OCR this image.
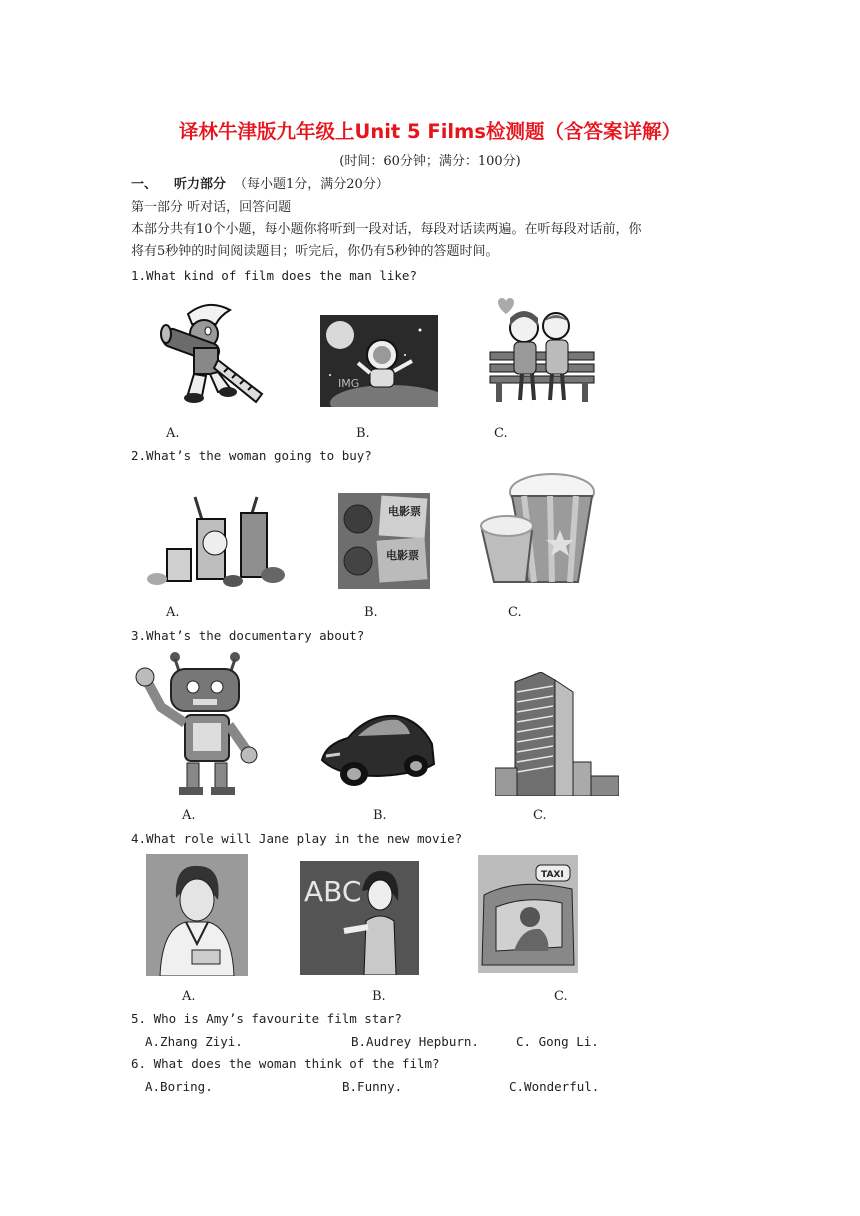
译林牛津版九年级上Unit 5 Films检测题（含答案详解）
(时间：60分钟；满分：100分)
一、 听力部分 （每小题1分，满分20分）
第一部分 听对话，回答问题
本部分共有10个小题，每小题你将听到一段对话，每段对话读两遍。在听每段对话前，你
将有5秒钟的时间阅读题目；听完后，你仍有5秒钟的答题时间。
1.What kind of film does the man like?
IMG
A.	B.	C.
2.What’s the woman going to buy?
电影票
电影票
A.	B.	C.
3.What’s the documentary about?
A.	B.	C.
4.What role will Jane play in the new movie?
ABC	TAXI
A.	B.	C.
5. Who is Amy’s favourite film star?
A.Zhang Ziyi.	B.Audrey Hepburn.	C. Gong Li.
6. What does the woman think of the film?
A.Boring.	B.Funny.	C.Wonderful.
